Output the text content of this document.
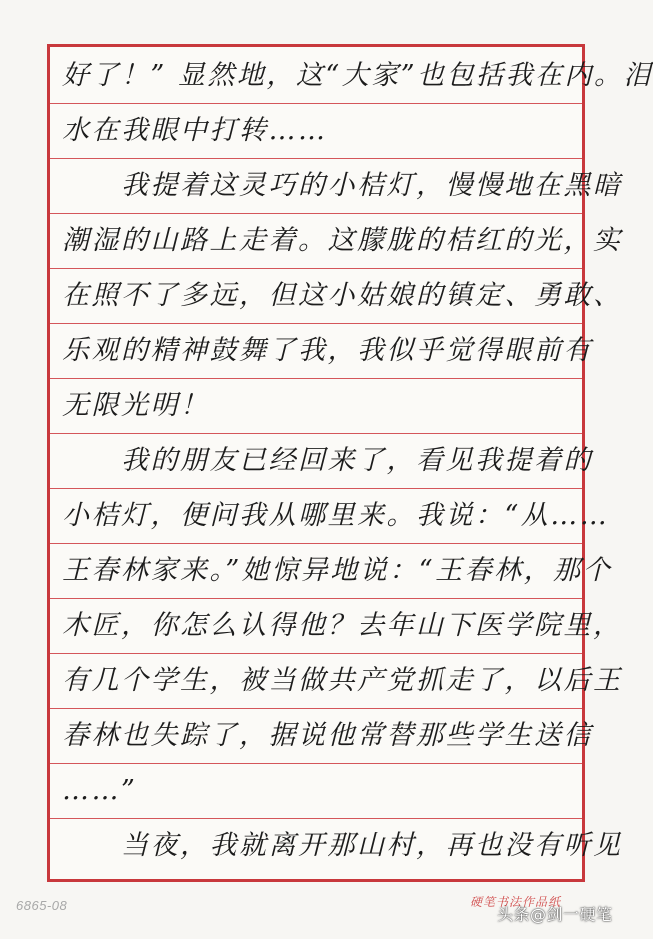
好了！” 显然地，这“大家”也包括我在内。泪
水在我眼中打转……
　　我提着这灵巧的小桔灯，慢慢地在黑暗
潮湿的山路上走着。这朦胧的桔红的光，实
在照不了多远，但这小姑娘的镇定、勇敢、
乐观的精神鼓舞了我，我似乎觉得眼前有
无限光明！
　　我的朋友已经回来了，看见我提着的
小桔灯，便问我从哪里来。我说：“从……
王春林家来。”她惊异地说：“王春林，那个
木匠，你怎么认得他？去年山下医学院里，
有几个学生，被当做共产党抓走了，以后王
春林也失踪了，据说他常替那些学生送信
……”
　　当夜，我就离开那山村，再也没有听见
6865-08	硬笔书法作品纸
头条@剑一硬笔
